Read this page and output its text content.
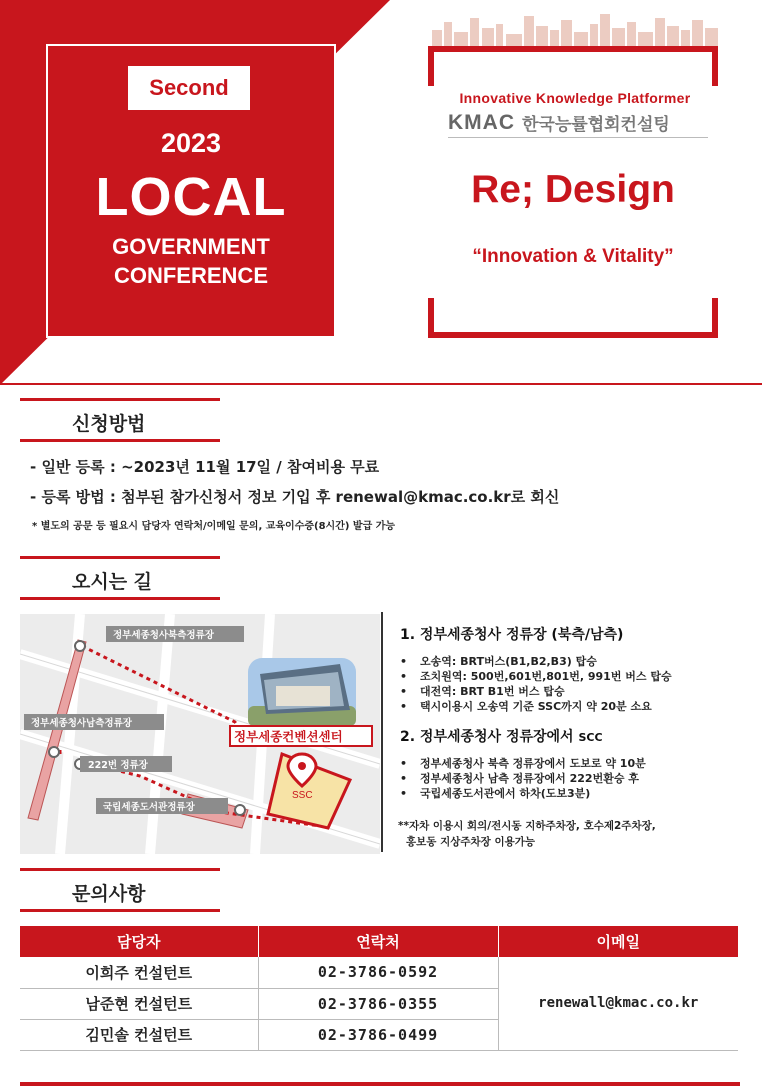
Second
2023
LOCAL
GOVERNMENT
CONFERENCE
Innovative Knowledge Platformer
KMAC 한국능률협회컨설팅
Re; Design
“Innovation & Vitality”
신청방법
- 일반 등록 : ~2023년 11월 17일 / 참여비용 무료
- 등록 방법 : 첨부된 참가신청서 정보 기입 후 renewal@kmac.co.kr로 회신
* 별도의 공문 등 필요시 담당자 연락처/이메일 문의, 교육이수증(8시간) 발급 가능
오시는 길
SSC
정부세종청사북측정류장
정부세종청사남측정류장
222번 정류장
국립세종도서관정류장
정부세종컨벤션센터
1. 정부세종청사 정류장 (북측/남측)
• 오송역: BRT버스(B1,B2,B3) 탑승
• 조치원역: 500번,601번,801번, 991번 버스 탑승
• 대전역: BRT B1번 버스 탑승
• 택시이용시 오송역 기준 SSC까지 약 20분 소요
2. 정부세종청사 정류장에서 SCC
• 정부세종청사 북측 정류장에서 도보로 약 10분
• 정부세종청사 남측 정류장에서 222번환승 후
• 국립세종도서관에서 하차(도보3분)
**자차 이용시 회의/전시동 지하주차장, 호수제2주차장,
홍보동 지상주차장 이용가능
문의사항
담당자	연락처	이메일
이희주 컨설턴트	02-3786-0592	renewall@kmac.co.kr
남준현 컨설턴트	02-3786-0355	
김민솔 컨설턴트	02-3786-0499	
